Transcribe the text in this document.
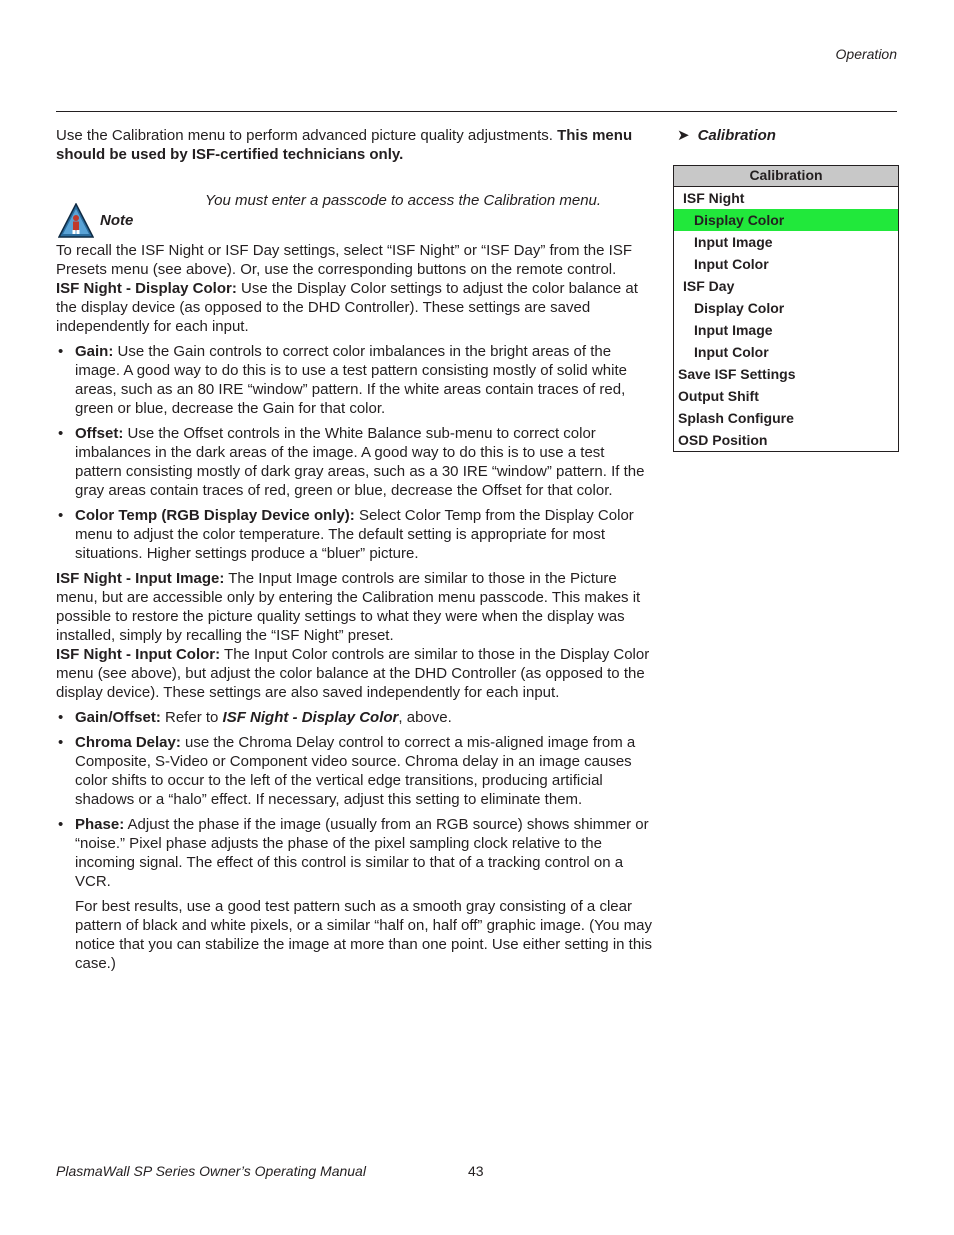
Operation

Use the Calibration menu to perform advanced picture quality adjustments. This menu should be used by ISF-certified technicians only.

Note
You must enter a passcode to access the Calibration menu.

To recall the ISF Night or ISF Day settings, select “ISF Night” or “ISF Day” from the ISF Presets menu (see above). Or, use the corresponding buttons on the remote control.

ISF Night - Display Color: Use the Display Color settings to adjust the color balance at the display device (as opposed to the DHD Controller). These settings are saved independently for each input.

• Gain: Use the Gain controls to correct color imbalances in the bright areas of the image. A good way to do this is to use a test pattern consisting mostly of solid white areas, such as an 80 IRE “window” pattern. If the white areas contain traces of red, green or blue, decrease the Gain for that color.
• Offset: Use the Offset controls in the White Balance sub-menu to correct color imbalances in the dark areas of the image. A good way to do this is to use a test pattern consisting mostly of dark gray areas, such as a 30 IRE “window” pattern. If the gray areas contain traces of red, green or blue, decrease the Offset for that color.
• Color Temp (RGB Display Device only): Select Color Temp from the Display Color menu to adjust the color temperature. The default setting is appropriate for most situations. Higher settings produce a “bluer” picture.

ISF Night - Input Image: The Input Image controls are similar to those in the Picture menu, but are accessible only by entering the Calibration menu passcode. This makes it possible to restore the picture quality settings to what they were when the display was installed, simply by recalling the “ISF Night” preset.

ISF Night - Input Color: The Input Color controls are similar to those in the Display Color menu (see above), but adjust the color balance at the DHD Controller (as opposed to the display device). These settings are also saved independently for each input.

• Gain/Offset: Refer to ISF Night - Display Color, above.
• Chroma Delay: use the Chroma Delay control to correct a mis-aligned image from a Composite, S-Video or Component video source. Chroma delay in an image causes color shifts to occur to the left of the vertical edge transitions, producing artificial shadows or a “halo” effect. If necessary, adjust this setting to eliminate them.
• Phase: Adjust the phase if the image (usually from an RGB source) shows shimmer or “noise.” Pixel phase adjusts the phase of the pixel sampling clock relative to the incoming signal. The effect of this control is similar to that of a tracking control on a VCR.

For best results, use a good test pattern such as a smooth gray consisting of a clear pattern of black and white pixels, or a similar “half on, half off” graphic image. (You may notice that you can stabilize the image at more than one point. Use either setting in this case.)

➤ Calibration
Calibration
ISF Night
Display Color
Input Image
Input Color
ISF Day
Display Color
Input Image
Input Color
Save ISF Settings
Output Shift
Splash Configure
OSD Position
PlasmaWall SP Series Owner’s Operating Manual	43
